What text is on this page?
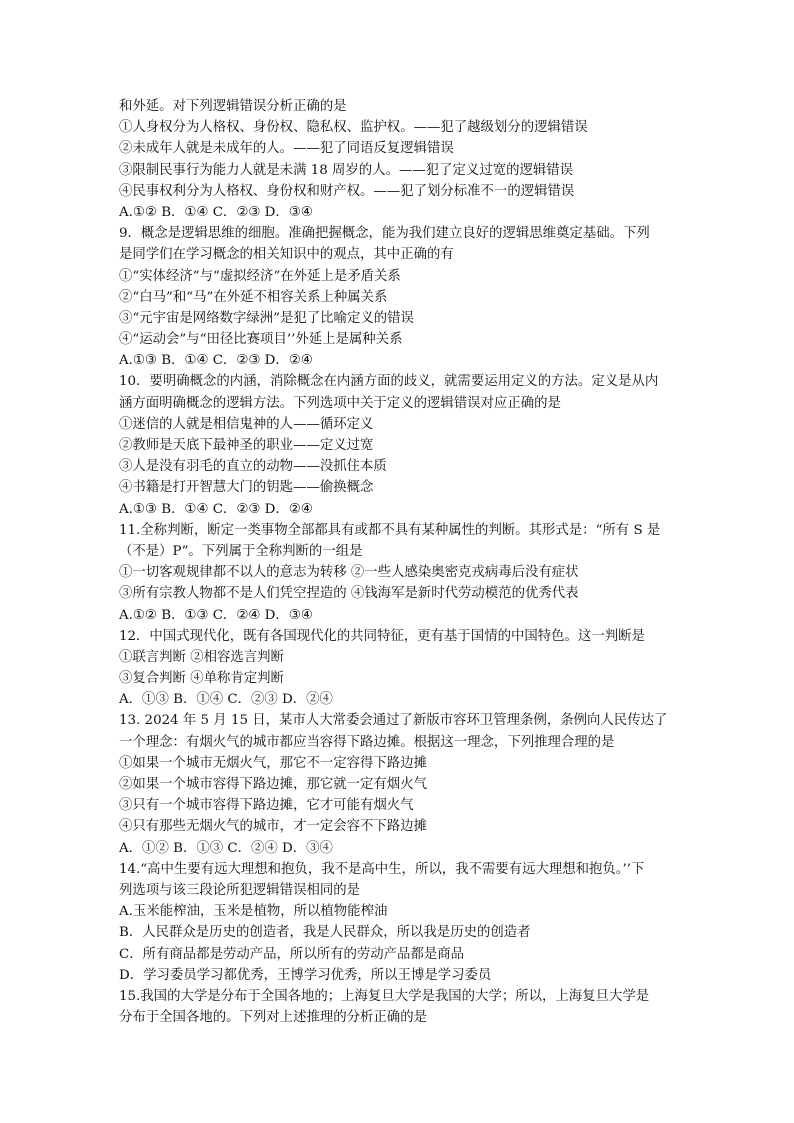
和外延。对下列逻辑错误分析正确的是
①人身权分为人格权、身份权、隐私权、监护权。——犯了越级划分的逻辑错误
②未成年人就是未成年的人。——犯了同语反复逻辑错误
③限制民事行为能力人就是未满 18 周岁的人。——犯了定义过宽的逻辑错误
④民事权利分为人格权、身份权和财产权。——犯了划分标准不一的逻辑错误
A.①② B．①④ C．②③ D．③④
9．概念是逻辑思维的细胞。准确把握概念，能为我们建立良好的逻辑思维奠定基础。下列
是同学们在学习概念的相关知识中的观点，其中正确的有
①“实体经济”与“虚拟经济”在外延上是矛盾关系
②“白马”和“马”在外延不相容关系上种属关系
③“元宇宙是网络数字绿洲”是犯了比喻定义的错误
④“运动会”与“田径比赛项目’’外延上是属种关系
A.①③ B．①④ C．②③ D．②④
10．要明确概念的内涵，消除概念在内涵方面的歧义，就需要运用定义的方法。定义是从内
涵方面明确概念的逻辑方法。下列选项中关于定义的逻辑错误对应正确的是
①迷信的人就是相信鬼神的人——循环定义
②教师是天底下最神圣的职业——定义过宽
③人是没有羽毛的直立的动物——没抓住本质
④书籍是打开智慧大门的钥匙——偷换概念
A.①③ B．①④ C．②③ D．②④
11.全称判断，断定一类事物全部都具有或都不具有某种属性的判断。其形式是：“所有 S 是
（不是）P”。下列属于全称判断的一组是
①一切客观规律都不以人的意志为转移 ②一些人感染奥密克戎病毒后没有症状
③所有宗教人物都不是人们凭空捏造的 ④钱海军是新时代劳动模范的优秀代表
A.①② B．①③ C．②④ D．③④
12．中国式现代化，既有各国现代化的共同特征，更有基于国情的中国特色。这一判断是
①联言判断 ②相容选言判断
③复合判断 ④单称肯定判断
A．①③ B．①④ C．②③ D．②④
13. 2024 年 5 月 15 日，某市人大常委会通过了新版市容环卫管理条例，条例向人民传达了
一个理念：有烟火气的城市都应当容得下路边摊。根据这一理念，下列推理合理的是
①如果一个城市无烟火气，那它不一定容得下路边摊
②如果一个城市容得下路边摊，那它就一定有烟火气
③只有一个城市容得下路边摊，它才可能有烟火气
④只有那些无烟火气的城市，才一定会容不下路边摊
A．①② B．①③ C．②④ D．③④
14.“高中生要有远大理想和抱负，我不是高中生，所以，我不需要有远大理想和抱负。’’下
列选项与该三段论所犯逻辑错误相同的是
A.玉米能榨油，玉米是植物，所以植物能榨油
B．人民群众是历史的创造者，我是人民群众，所以我是历史的创造者
C．所有商品都是劳动产品，所以所有的劳动产品都是商品
D．学习委员学习都优秀，王博学习优秀，所以王博是学习委员
15.我国的大学是分布于全国各地的；上海复旦大学是我国的大学；所以，上海复旦大学是
分布于全国各地的。下列对上述推理的分析正确的是
